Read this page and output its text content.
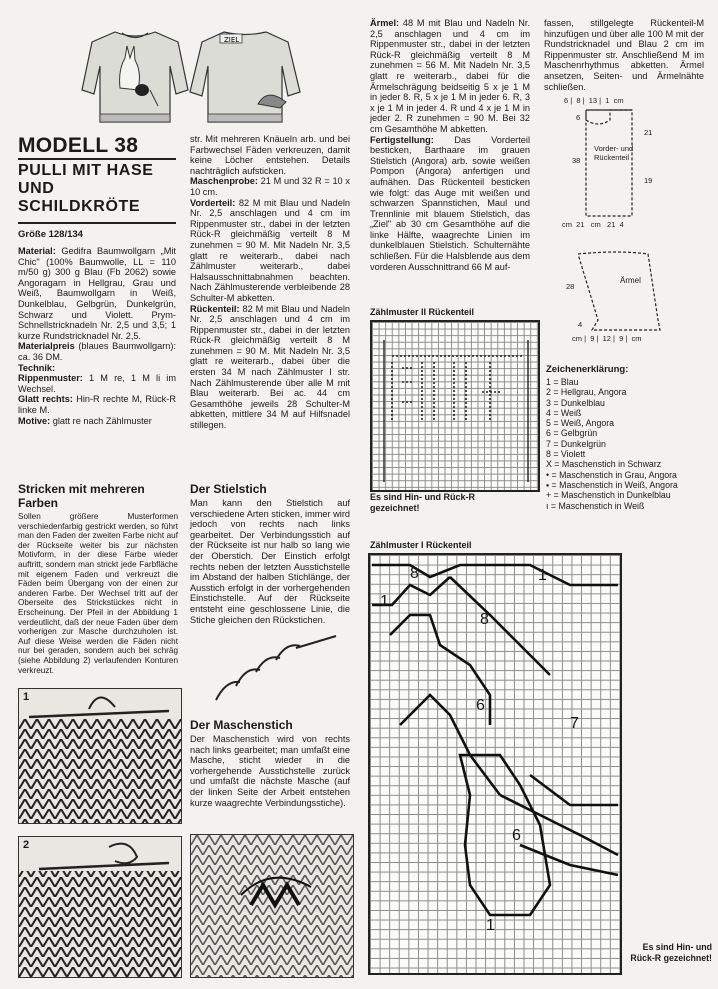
ZIEL
MODELL 38
PULLI MIT HASE UND SCHILDKRÖTE
Größe 128/134
Material: Gedifra Baumwollgarn „Mit Chic" (100% Baumwolle, LL = 110 m/50 g) 300 g Blau (Fb 2062) sowie Angoragarn in Hellgrau, Grau und Weiß, Baumwollgarn in Weiß, Dunkelblau, Gelbgrün, Dunkelgrün, Schwarz und Violett. Prym-Schnellstricknadeln Nr. 2,5 und 3,5; 1 kurze Rundstricknadel Nr. 2,5.
Materialpreis (blaues Baumwollgarn): ca. 36 DM.
Technik:
Rippenmuster: 1 M re, 1 M li im Wechsel.
Glatt rechts: Hin-R rechte M, Rück-R linke M.
Motive: glatt re nach Zählmuster
str. Mit mehreren Knäueln arb. und bei Farbwechsel Fäden verkreuzen, damit keine Löcher entstehen. Details nachträglich aufsticken.
Maschenprobe: 21 M und 32 R = 10 x 10 cm.
Vorderteil: 82 M mit Blau und Nadeln Nr. 2,5 anschlagen und 4 cm im Rippenmuster str., dabei in der letzten Rück-R gleichmäßig verteilt 8 M zunehmen = 90 M. Mit Nadeln Nr. 3,5 glatt re weiterarb., dabei nach Zählmuster weiterarb., dabei Halsausschnittabnahmen beachten. Nach Zählmusterende verbleibende 28 Schulter-M abketten.
Rückenteil: 82 M mit Blau und Nadeln Nr. 2,5 anschlagen und 4 cm im Rippenmuster str., dabei in der letzten Rück-R gleichmäßig verteilt 8 M zunehmen = 90 M. Mit Nadeln Nr. 3,5 glatt re weiterarb., dabei über die ersten 34 M nach Zählmuster I str. Nach Zählmusterende über alle M mit Blau weiterarb. Bei ac. 44 cm Gesamthöhe jeweils 28 Schulter-M abketten, mittlere 34 M auf Hilfsnadel stillegen.
Ärmel: 48 M mit Blau und Nadeln Nr. 2,5 anschlagen und 4 cm im Rippenmuster str., dabei in der letzten Rück-R gleichmäßig verteilt 8 M zunehmen = 56 M. Mit Nadeln Nr. 3,5 glatt re weiterarb., dabei für die Ärmelschrägung beidseitig 5 x je 1 M in jeder 8. R, 5 x je 1 M in jeder 6. R, 3 x je 1 M in jeder 4. R und 4 x je 1 M in jeder 2. R zunehmen = 90 M. Bei 32 cm Gesamthöhe M abketten.
Fertigstellung: Das Vorderteil besticken, Barthaare im grauen Stielstich (Angora) arb. sowie weißen Pompon (Angora) anfertigen und aufnähen. Das Rückenteil besticken wie folgt: das Auge mit weißen und schwarzen Spannstichen, Maul und Trennlinie mit blauem Stielstich, das „Ziel" ab 30 cm Gesamthöhe auf die linke Hälfte, waagrechte Linien im dunkelblauen Stielstich. Schulternähte schließen. Für die Halsblende aus dem vorderen Ausschnittrand 66 M auf-
fassen, stillgelegte Rückenteil-M hinzufügen und über alle 100 M mit der Rundstricknadel und Blau 2 cm im Rippenmuster str. Anschließend M im Maschenrhythmus abketten. Ärmel ansetzen, Seiten- und Ärmelnähte schließen.
6 |  8 |  13 |  1 cm
Vorder- und Rückenteil
6
38
21
19
cm 21 cm 21 4
Ärmel
28
4
cm |  9 |  12 |  9 |  cm
Zeichenerklärung:
1 = Blau
2 = Hellgrau, Angora
3 = Dunkelblau
4 = Weiß
5 = Weiß, Angora
6 = Gelbgrün
7 = Dunkelgrün
8 = Violett
X = Maschenstich in Schwarz
• = Maschenstich in Grau, Angora
▪ = Maschenstich in Weiß, Angora
+ = Maschenstich in Dunkelblau
ı = Maschenstich in Weiß
Zählmuster II Rückenteil
Es sind Hin- und Rück-R gezeichnet!
Zählmuster I Rückenteil
8	1
1
8
6
7
6
1
Es sind Hin- und Rück-R gezeichnet!
Stricken mit mehreren Farben
Sollen größere Musterformen verschiedenfarbig gestrickt werden, so führt man den Faden der zweiten Farbe nicht auf der Rückseite weiter bis zur nächsten Motivform, in der diese Farbe wieder auftritt, sondern man strickt jede Farbfläche mit eigenem Faden und verkreuzt die Fäden beim Übergang von der einen zur anderen Farbe. Der Wechsel tritt auf der Oberseite des Strickstückes nicht in Erscheinung. Der Pfeil in der Abbildung 1 verdeutlicht, daß der neue Faden über dem vorherigen zur Masche durchzuholen ist. Auf diese Weise werden die Fäden nicht nur bei geraden, sondern auch bei schräg (siehe Abbildung 2) verlaufenden Konturen verkreuzt.
Der Stielstich
Man kann den Stielstich auf verschiedene Arten sticken, immer wird jedoch von rechts nach links gearbeitet. Der Verbindungsstich auf der Rückseite ist nur halb so lang wie der Oberstich. Der Einstich erfolgt rechts neben der letzten Ausstichstelle im Abstand der halben Stichlänge, der Ausstich erfolgt in der vorhergehenden Einstichstelle. Auf der Rückseite entsteht eine geschlossene Linie, die Stiche gleichen den Rückstichen.
Der Maschenstich
Der Maschenstich wird von rechts nach links gearbeitet; man umfaßt eine Masche, sticht wieder in die vorhergehende Ausstichstelle zurück und umfaßt die nächste Masche (auf der linken Seite der Arbeit entstehen kurze waagrechte Verbindungsstiche).
1
2
